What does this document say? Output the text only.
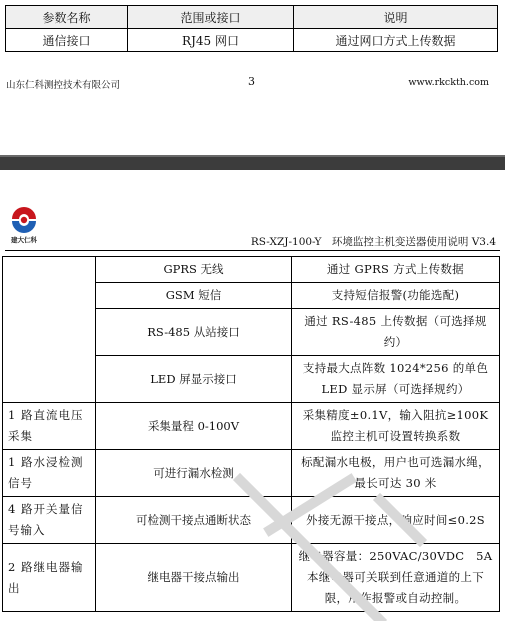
参数名称	范围或接口	说明
通信接口	RJ45 网口	通过网口方式上传数据
山东仁科测控技术有限公司	3	www.rkckth.com
建大仁科	RS-XZJ-100-Y　环境监控主机变送器使用说明 V3.4
	GPRS 无线	通过 GPRS 方式上传数据
	GSM 短信	支持短信报警(功能选配)
	RS-485 从站接口	通过 RS-485 上传数据（可选择规约）
	LED 屏显示接口	支持最大点阵数 1024*256 的单色 LED 显示屏（可选择规约）
1 路直流电压采集	采集量程 0-100V	采集精度±0.1V，输入阻抗≥100K 监控主机可设置转换系数
1 路水浸检测信号	可进行漏水检测	标配漏水电极，用户也可选漏水绳，最长可达 30 米
4 路开关量信号输入	可检测干接点通断状态	外接无源干接点，响应时间≤0.2S
2 路继电器输出	继电器干接点输出	继电器容量：250VAC/30VDC　5A 本继电器可关联到任意通道的上下限，用作报警或自动控制。
